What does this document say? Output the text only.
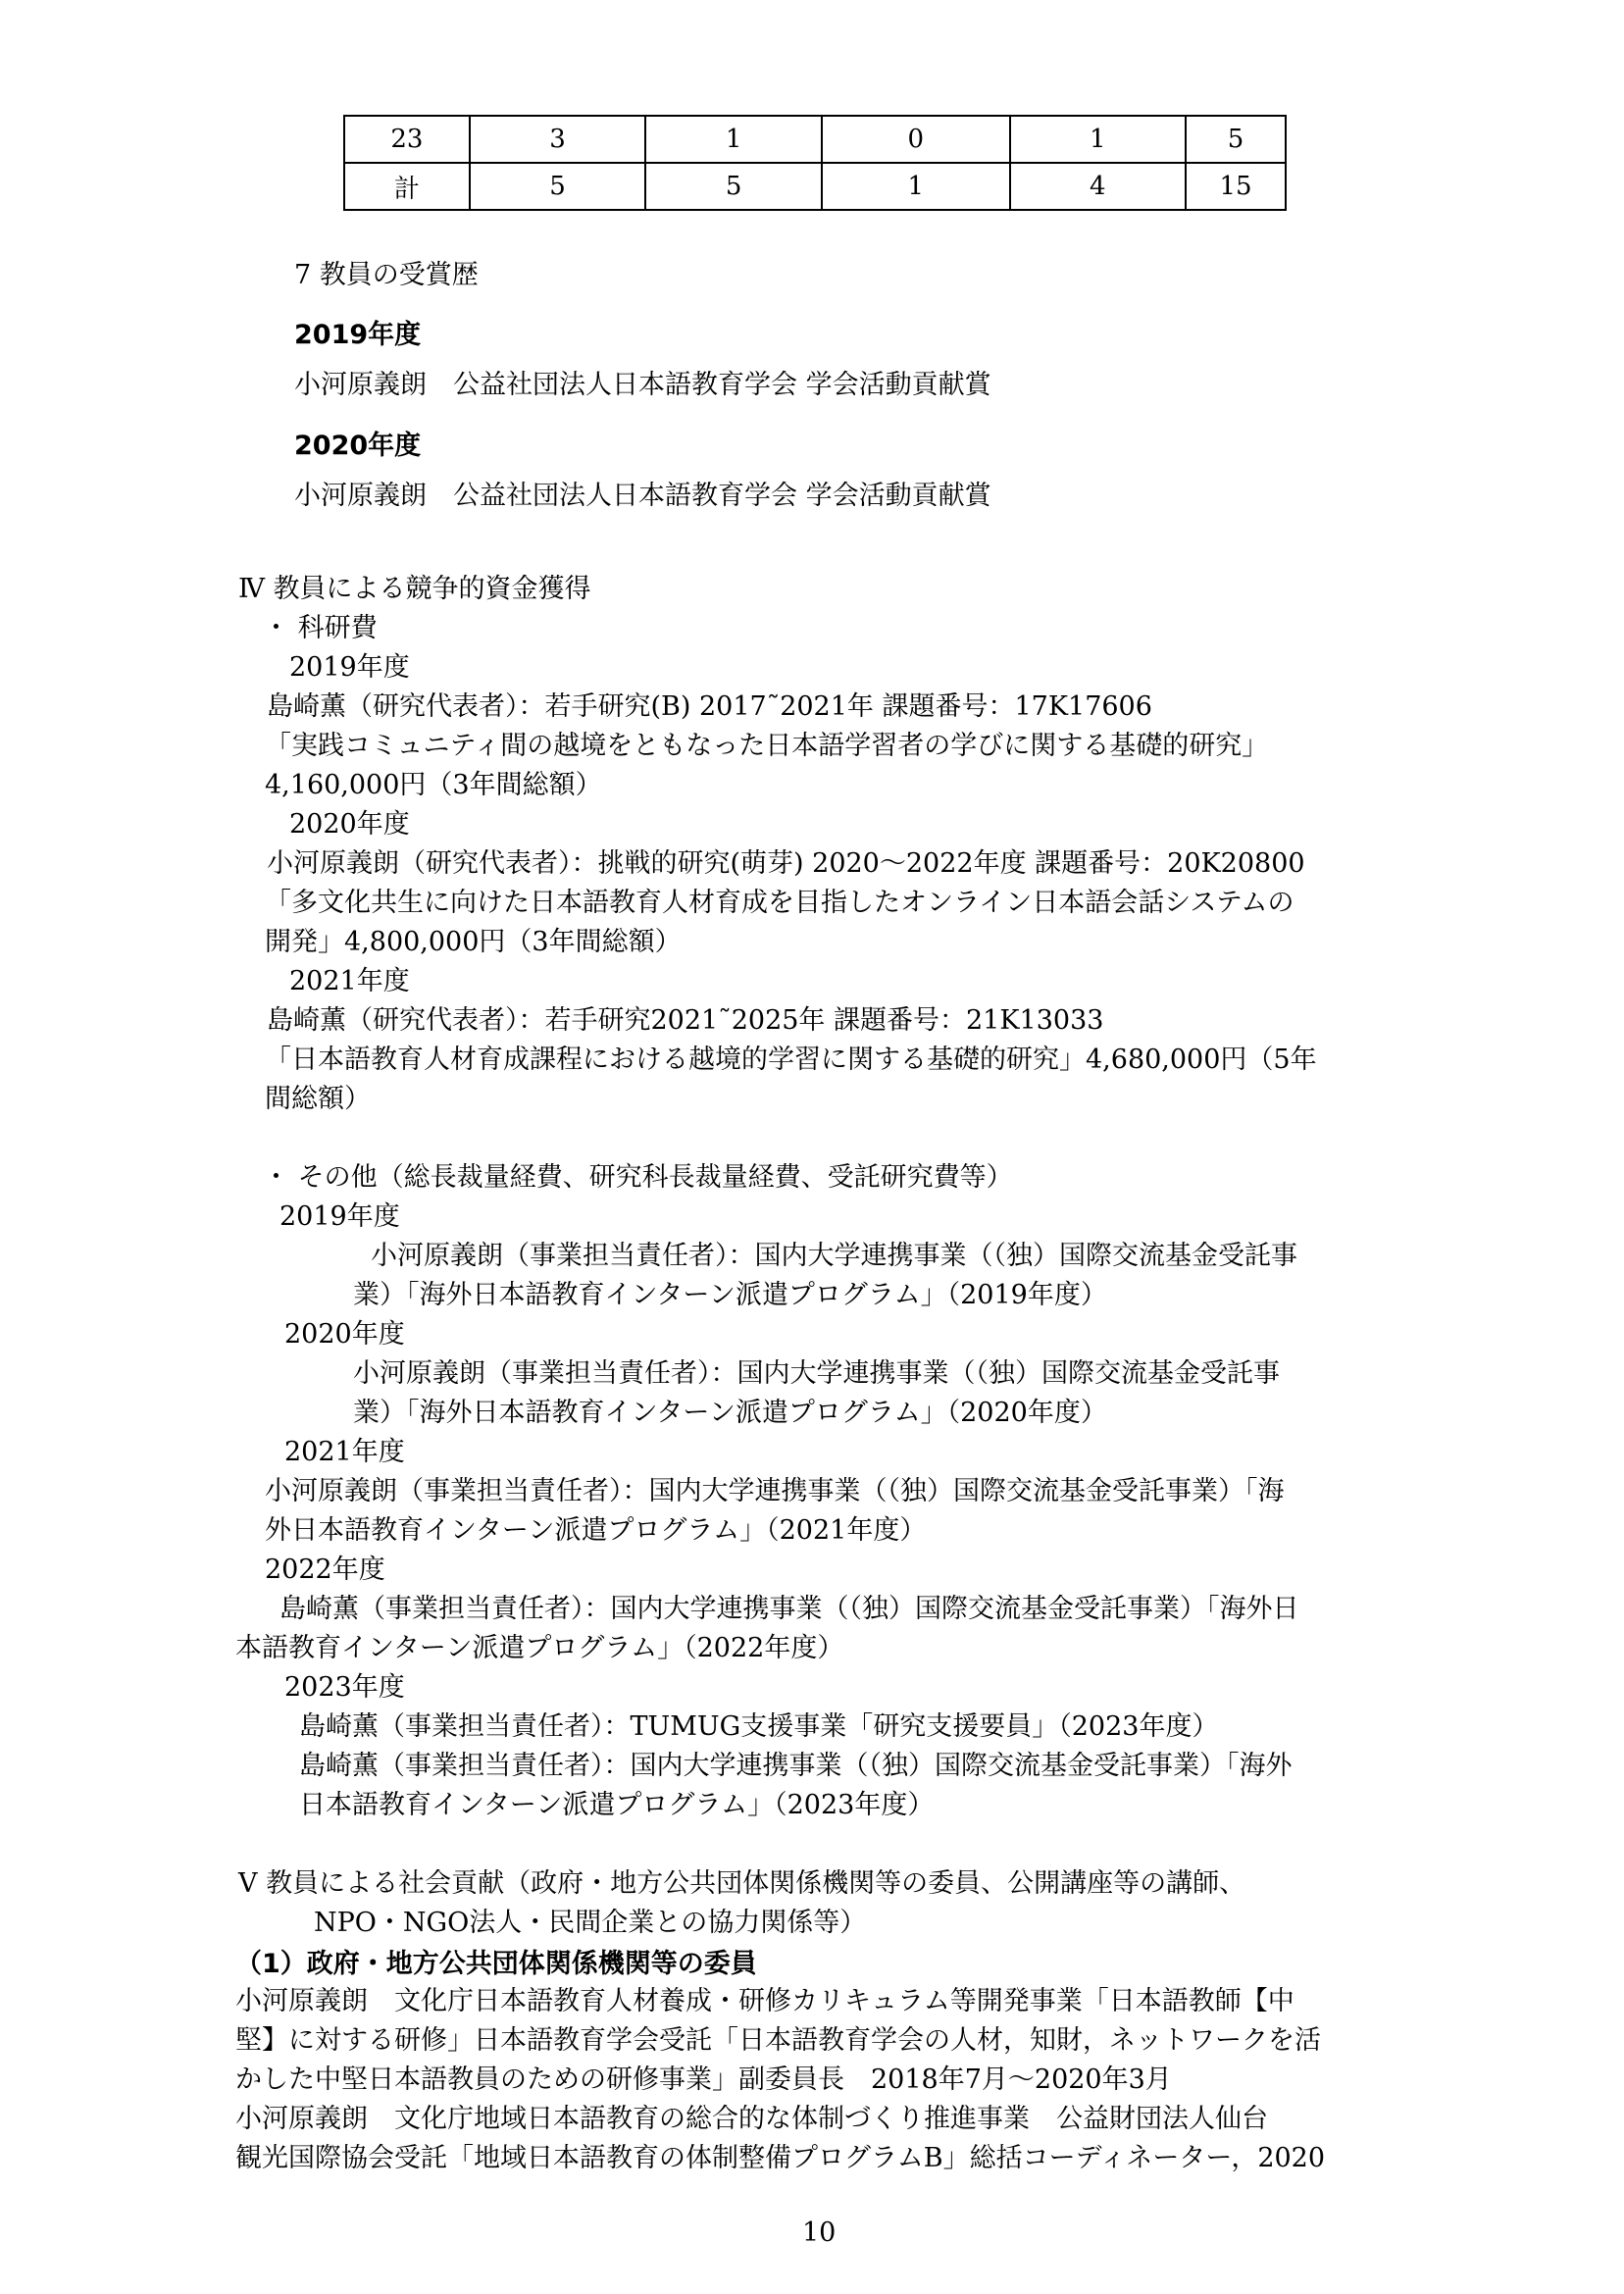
23	3	1	0	1	5
計	5	5	1	4	15
7 教員の受賞歴
2019年度
小河原義朗　公益社団法人日本語教育学会 学会活動貢献賞
2020年度
小河原義朗　公益社団法人日本語教育学会 学会活動貢献賞
Ⅳ 教員による競争的資金獲得
・ 科研費
2019年度
島崎薫（研究代表者）：若手研究(B) 2017˜2021年 課題番号：17K17606
「実践コミュニティ間の越境をともなった日本語学習者の学びに関する基礎的研究」
4,160,000円（3年間総額）
2020年度
小河原義朗（研究代表者）：挑戦的研究(萌芽) 2020～2022年度 課題番号：20K20800
「多文化共生に向けた日本語教育人材育成を目指したオンライン日本語会話システムの
開発」4,800,000円（3年間総額）
2021年度
島崎薫（研究代表者）：若手研究2021˜2025年 課題番号：21K13033
「日本語教育人材育成課程における越境的学習に関する基礎的研究」4,680,000円（5年
間総額）
・ その他（総長裁量経費、研究科長裁量経費、受託研究費等）
2019年度
小河原義朗（事業担当責任者）：国内大学連携事業（（独）国際交流基金受託事
業）「海外日本語教育インターン派遣プログラム」（2019年度）
2020年度
小河原義朗（事業担当責任者）：国内大学連携事業（（独）国際交流基金受託事
業）「海外日本語教育インターン派遣プログラム」（2020年度）
2021年度
小河原義朗（事業担当責任者）：国内大学連携事業（（独）国際交流基金受託事業）「海
外日本語教育インターン派遣プログラム」（2021年度）
2022年度
島崎薫（事業担当責任者）：国内大学連携事業（（独）国際交流基金受託事業）「海外日
本語教育インターン派遣プログラム」（2022年度）
2023年度
島崎薫（事業担当責任者）：TUMUG支援事業「研究支援要員」（2023年度）
島崎薫（事業担当責任者）：国内大学連携事業（（独）国際交流基金受託事業）「海外
日本語教育インターン派遣プログラム」（2023年度）
Ⅴ 教員による社会貢献（政府・地方公共団体関係機関等の委員、公開講座等の講師、
NPO・NGO法人・民間企業との協力関係等）
（1）政府・地方公共団体関係機関等の委員
小河原義朗　文化庁日本語教育人材養成・研修カリキュラム等開発事業「日本語教師【中
堅】に対する研修」日本語教育学会受託「日本語教育学会の人材，知財，ネットワークを活
かした中堅日本語教員のための研修事業」副委員長　2018年7月～2020年3月
小河原義朗　文化庁地域日本語教育の総合的な体制づくり推進事業　公益財団法人仙台
観光国際協会受託「地域日本語教育の体制整備プログラムB」総括コーディネーター，2020
10
